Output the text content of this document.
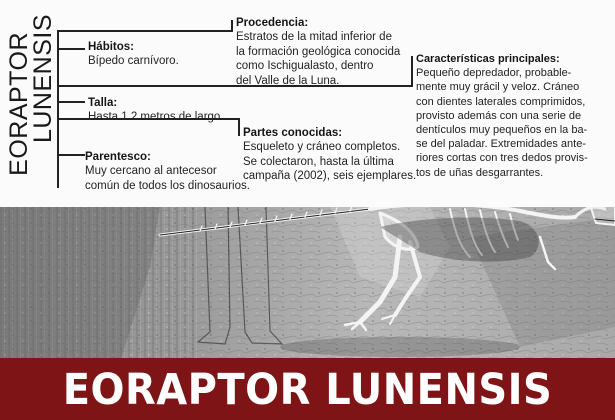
EORAPTOR
LUNENSIS	Hábitos:
Bípedo carnívoro.
Talla:
Hasta 1.2 metros de largo.
Parentesco:
Muy cercano al antecesor
común de todos los dinosaurios.
Procedencia:
Estratos de la mitad inferior de
la formación geológica conocida
como Ischigualasto, dentro
del Valle de la Luna.
Partes conocidas:
Esqueleto y cráneo completos.
Se colectaron, hasta la última
campaña (2002), seis ejemplares.
Características principales:
Pequeño depredador, probable-
mente muy grácil y veloz. Cráneo
con dientes laterales comprimidos,
provisto además con una serie de
dentículos muy pequeños en la ba-
se del paladar. Extremidades ante-
riores cortas con tres dedos provis-
tos de uñas desgarrantes.
EORAPTOR LUNENSIS
